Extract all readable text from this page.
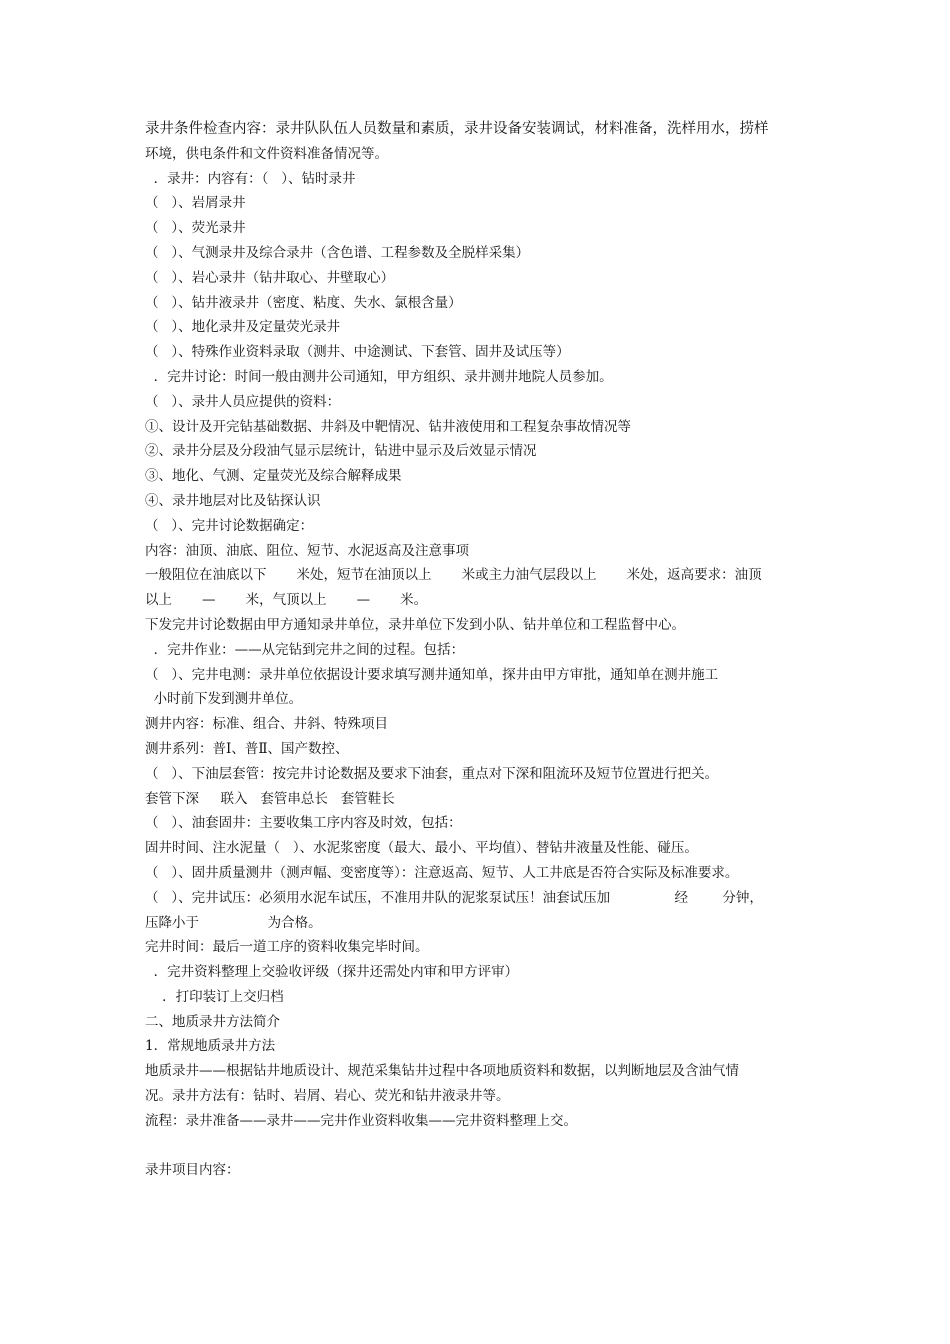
录井条件检查内容：录井队队伍人员数量和素质，录井设备安装调试，材料准备，洗样用水，捞样
环境，供电条件和文件资料准备情况等。
．录井：内容有：（   ）、钻时录井
（   ）、岩屑录井
（   ）、荧光录井
（   ）、气测录井及综合录井（含色谱、工程参数及全脱样采集）
（   ）、岩心录井（钻井取心、井壁取心）
（   ）、钻井液录井（密度、粘度、失水、氯根含量）
（   ）、地化录井及定量荧光录井
（   ）、特殊作业资料录取（测井、中途测试、下套管、固井及试压等）
．完井讨论：时间一般由测井公司通知，甲方组织、录井测井地院人员参加。
（   ）、录井人员应提供的资料：
①、设计及开完钻基础数据、井斜及中靶情况、钻井液使用和工程复杂事故情况等
②、录井分层及分段油气显示层统计，钻进中显示及后效显示情况
③、地化、气测、定量荧光及综合解释成果
④、录井地层对比及钻探认识
（   ）、完井讨论数据确定：
内容：油顶、油底、阻位、短节、水泥返高及注意事项
一般阻位在油底以下       米处，短节在油顶以上       米或主力油气层段以上       米处，返高要求：油顶
以上       —       米，气顶以上       —       米。
下发完井讨论数据由甲方通知录井单位，录井单位下发到小队、钻井单位和工程监督中心。
．完井作业：——从完钻到完井之间的过程。包括：
（   ）、完井电测：录井单位依据设计要求填写测井通知单，探井由甲方审批，通知单在测井施工
小时前下发到测井单位。
测井内容：标准、组合、井斜、特殊项目
测井系列：普Ⅰ、普Ⅱ、国产数控、
（   ）、下油层套管：按完井讨论数据及要求下油套，重点对下深和阻流环及短节位置进行把关。
套管下深     联入   套管串总长   套管鞋长
（   ）、油套固井：主要收集工序内容及时效，包括：
固井时间、注水泥量（   ）、水泥浆密度（最大、最小、平均值）、替钻井液量及性能、碰压。
（   ）、固井质量测井（测声幅、变密度等）：注意返高、短节、人工井底是否符合实际及标准要求。
（   ）、完井试压：必须用水泥车试压，不准用井队的泥浆泵试压！油套试压加               经        分钟，
压降小于                为合格。
完井时间：最后一道工序的资料收集完毕时间。
．完井资料整理上交验收评级（探井还需处内审和甲方评审）
．打印装订上交归档
二、地质录井方法简介
1．常规地质录井方法
地质录井——根据钻井地质设计、规范采集钻井过程中各项地质资料和数据，以判断地层及含油气情
况。录井方法有：钻时、岩屑、岩心、荧光和钻井液录井等。
流程：录井准备——录井——完井作业资料收集——完井资料整理上交。
录井项目内容：
